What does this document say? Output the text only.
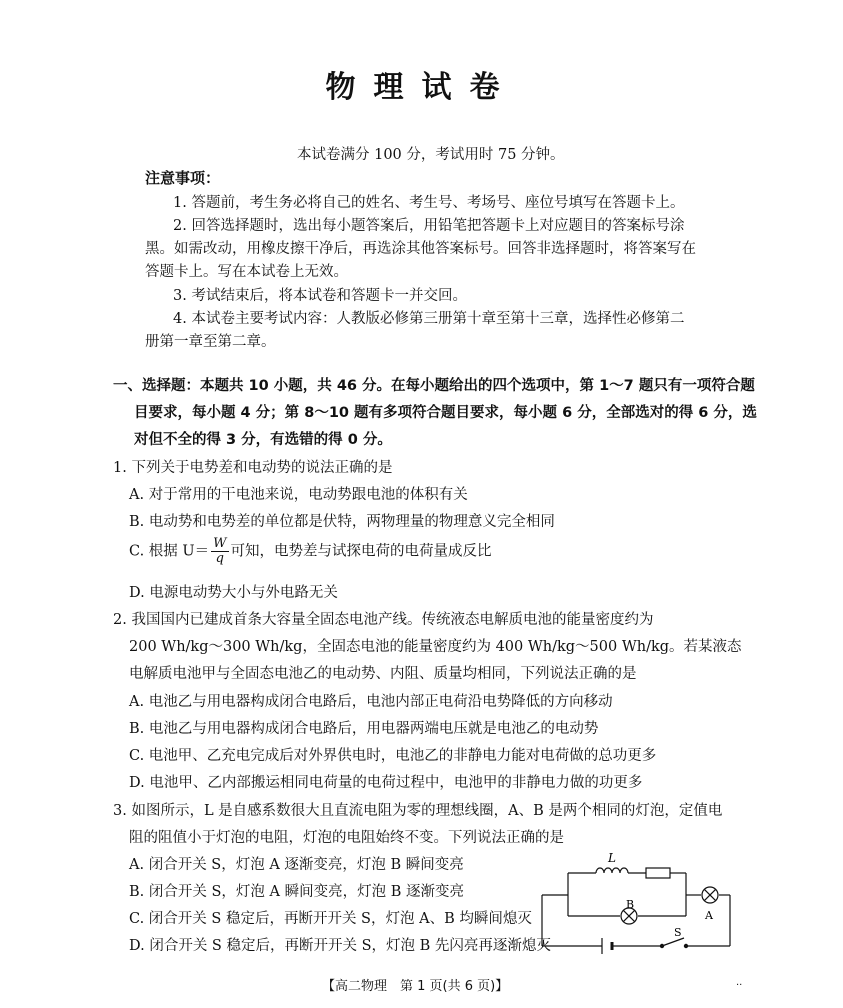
物理试卷
本试卷满分 100 分，考试用时 75 分钟。
注意事项：
1. 答题前，考生务必将自己的姓名、考生号、考场号、座位号填写在答题卡上。
2. 回答选择题时，选出每小题答案后，用铅笔把答题卡上对应题目的答案标号涂
黑。如需改动，用橡皮擦干净后，再选涂其他答案标号。回答非选择题时，将答案写在
答题卡上。写在本试卷上无效。
3. 考试结束后，将本试卷和答题卡一并交回。
4. 本试卷主要考试内容：人教版必修第三册第十章至第十三章，选择性必修第二
册第一章至第二章。
一、选择题：本题共 10 小题，共 46 分。在每小题给出的四个选项中，第 1～7 题只有一项符合题
目要求，每小题 4 分；第 8～10 题有多项符合题目要求，每小题 6 分，全部选对的得 6 分，选
对但不全的得 3 分，有选错的得 0 分。
1. 下列关于电势差和电动势的说法正确的是
A. 对于常用的干电池来说，电动势跟电池的体积有关
B. 电动势和电势差的单位都是伏特，两物理量的物理意义完全相同
C. 根据 $U= \frac{W}{q}$ 可知，电势差与试探电荷的电荷量成反比
D. 电源电动势大小与外电路无关
2. 我国国内已建成首条大容量全固态电池产线。传统液态电解质电池的能量密度约为
200 Wh/kg～300 Wh/kg，全固态电池的能量密度约为 400 Wh/kg～500 Wh/kg。若某液态
电解质电池甲与全固态电池乙的电动势、内阻、质量均相同，下列说法正确的是
A. 电池乙与用电器构成闭合电路后，电池内部正电荷沿电势降低的方向移动
B. 电池乙与用电器构成闭合电路后，用电器两端电压就是电池乙的电动势
C. 电池甲、乙充电完成后对外界供电时，电池乙的非静电力能对电荷做的总功更多
D. 电池甲、乙内部搬运相同电荷量的电荷过程中，电池甲的非静电力做的功更多
3. 如图所示，L 是自感系数很大且直流电阻为零的理想线圈，A、B 是两个相同的灯泡，定值电
阻的阻值小于灯泡的电阻，灯泡的电阻始终不变。下列说法正确的是
A. 闭合开关 S，灯泡 A 逐渐变亮，灯泡 B 瞬间变亮
B. 闭合开关 S，灯泡 A 瞬间变亮，灯泡 B 逐渐变亮
C. 闭合开关 S 稳定后，再断开开关 S，灯泡 A、B 均瞬间熄灭
D. 闭合开关 S 稳定后，再断开开关 S，灯泡 B 先闪亮再逐渐熄灭
L
B
A
S
【高二物理　第 1 页(共 6 页)】	··
